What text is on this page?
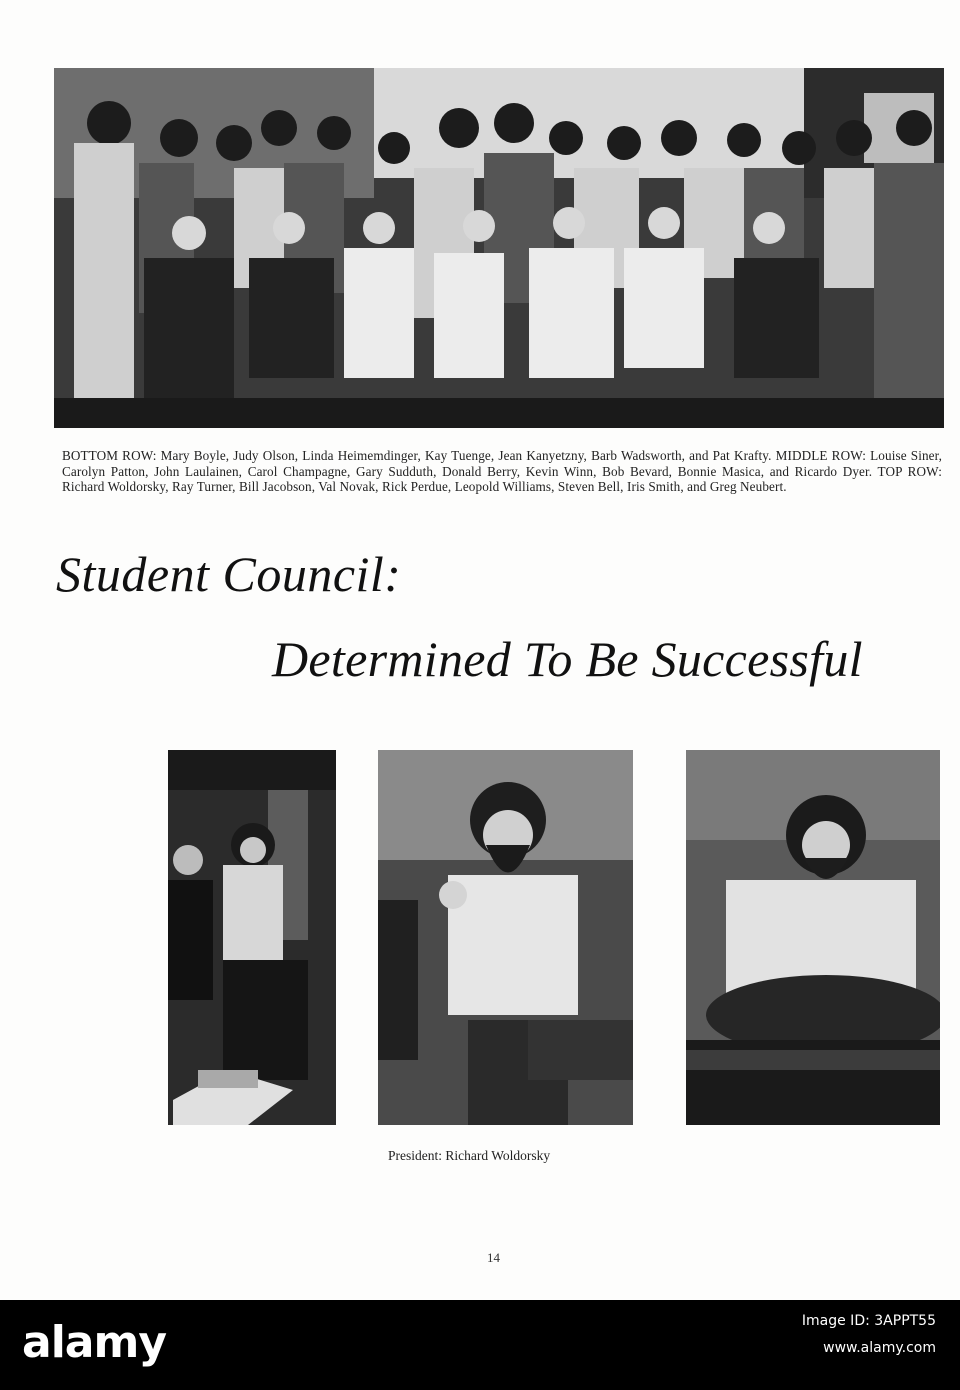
BOTTOM ROW: Mary Boyle, Judy Olson, Linda Heimemdinger, Kay Tuenge, Jean Kanyetzny, Barb Wadsworth, and Pat Krafty. MIDDLE ROW: Louise Siner, Carolyn Patton, John Laulainen, Carol Champagne, Gary Sudduth, Donald Berry, Kevin Winn, Bob Bevard, Bonnie Masica, and Ricardo Dyer. TOP ROW: Richard Woldorsky, Ray Turner, Bill Jacobson, Val Novak, Rick Perdue, Leopold Williams, Steven Bell, Iris Smith, and Greg Neubert.
Student Council:
Determined To Be Successful
President: Richard Woldorsky
14
alamy	Image ID: 3APPT55
www.alamy.com
